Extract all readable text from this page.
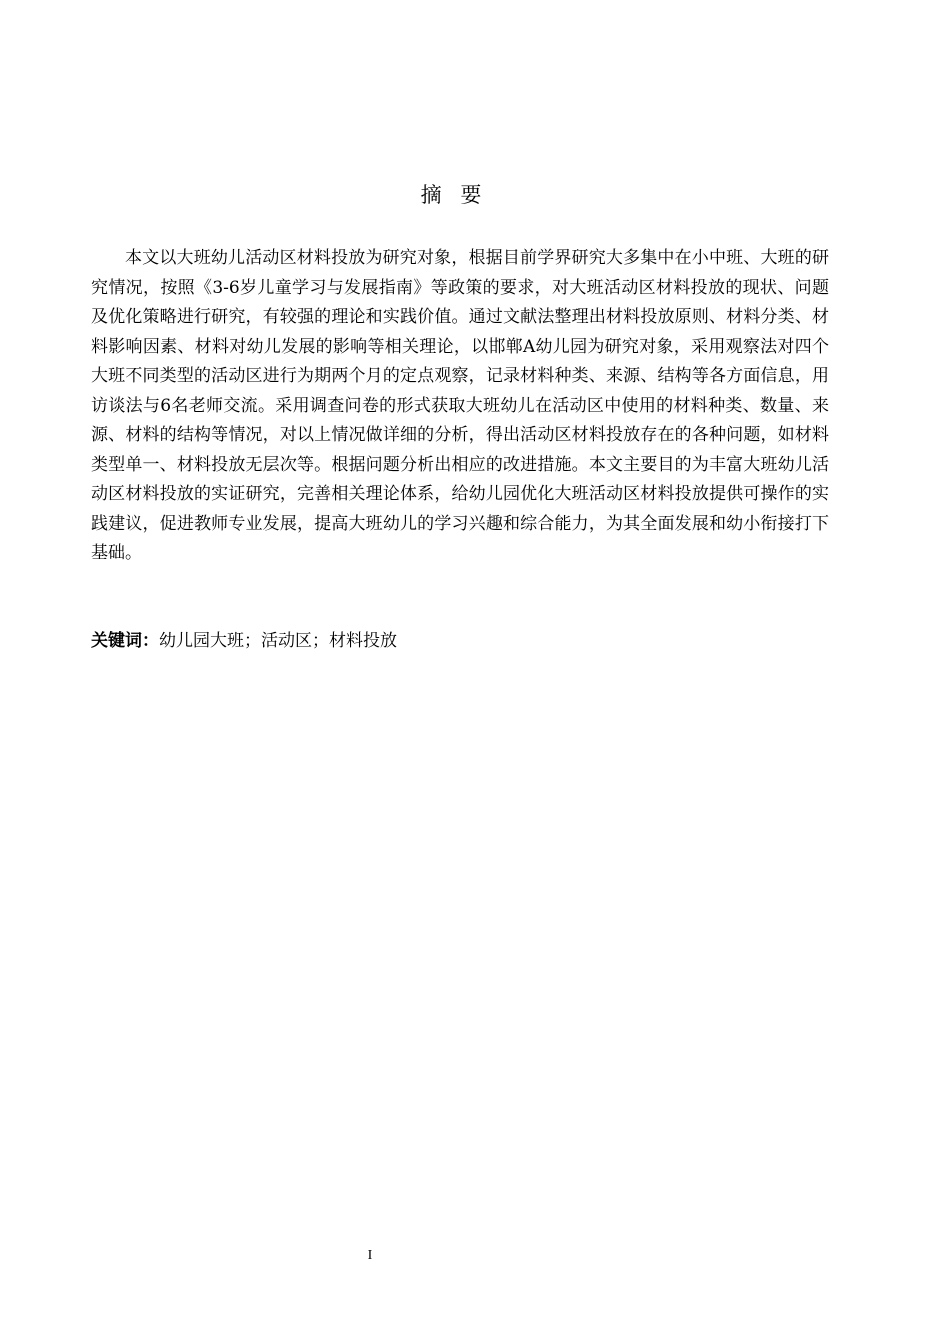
摘 要

本文以大班幼儿活动区材料投放为研究对象，根据目前学界研究大多集中在小中班、大班的研究情况，按照《3-6岁儿童学习与发展指南》等政策的要求，对大班活动区材料投放的现状、问题及优化策略进行研究，有较强的理论和实践价值。通过文献法整理出材料投放原则、材料分类、材料影响因素、材料对幼儿发展的影响等相关理论，以邯郸A幼儿园为研究对象，采用观察法对四个大班不同类型的活动区进行为期两个月的定点观察，记录材料种类、来源、结构等各方面信息，用访谈法与6名老师交流。采用调查问卷的形式获取大班幼儿在活动区中使用的材料种类、数量、来源、材料的结构等情况，对以上情况做详细的分析，得出活动区材料投放存在的各种问题，如材料类型单一、材料投放无层次等。根据问题分析出相应的改进措施。本文主要目的为丰富大班幼儿活动区材料投放的实证研究，完善相关理论体系，给幼儿园优化大班活动区材料投放提供可操作的实践建议，促进教师专业发展，提高大班幼儿的学习兴趣和综合能力，为其全面发展和幼小衔接打下基础。

关键词：幼儿园大班；活动区；材料投放

I
